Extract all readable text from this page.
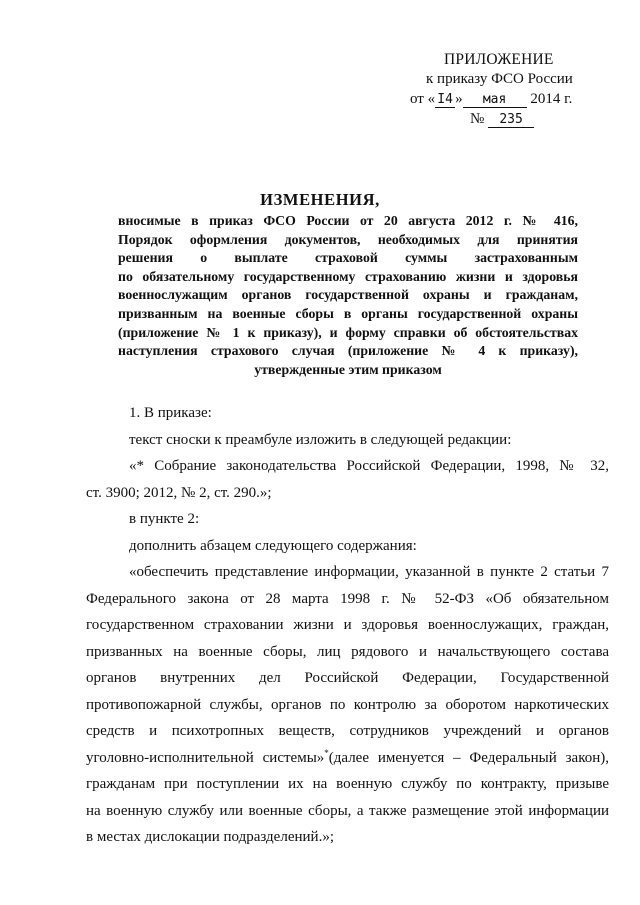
ПРИЛОЖЕНИЕ
к приказу ФСО России
от « I4 » мая 2014 г.
№ 235
ИЗМЕНЕНИЯ,
вносимые в приказ ФСО России от 20 августа 2012 г. № 416,
Порядок оформления документов, необходимых для принятия
решения о выплате страховой суммы застрахованным
по обязательному государственному страхованию жизни и здоровья
военнослужащим органов государственной охраны и гражданам,
призванным на военные сборы в органы государственной охраны
(приложение № 1 к приказу), и форму справки об обстоятельствах
наступления страхового случая (приложение № 4 к приказу),
утвержденные этим приказом
1. В приказе:
текст сноски к преамбуле изложить в следующей редакции:
«* Собрание законодательства Российской Федерации, 1998, № 32,
ст. 3900; 2012, № 2, ст. 290.»;
в пункте 2:
дополнить абзацем следующего содержания:
«обеспечить представление информации, указанной в пункте 2 статьи 7
Федерального закона от 28 марта 1998 г. № 52-ФЗ «Об обязательном
государственном страховании жизни и здоровья военнослужащих, граждан,
призванных на военные сборы, лиц рядового и начальствующего состава
органов внутренних дел Российской Федерации, Государственной
противопожарной службы, органов по контролю за оборотом наркотических
средств и психотропных веществ, сотрудников учреждений и органов
уголовно-исполнительной системы»*(далее именуется – Федеральный закон),
гражданам при поступлении их на военную службу по контракту, призыве
на военную службу или военные сборы, а также размещение этой информации
в местах дислокации подразделений.»;
